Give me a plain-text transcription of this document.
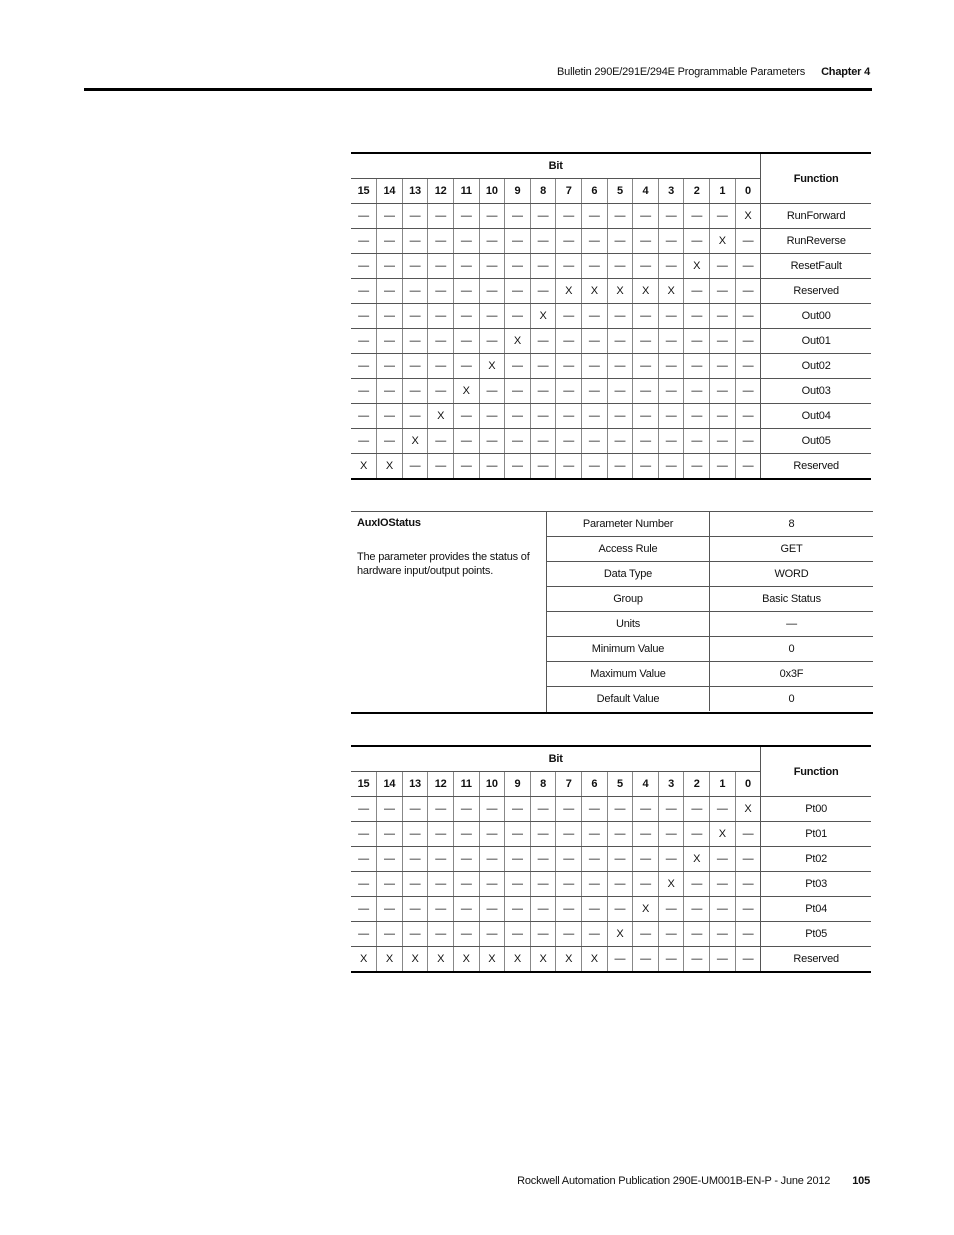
Bulletin 290E/291E/294E Programmable Parameters Chapter 4
Bit																Function
15	14	13	12	11	10	9	8	7	6	5	4	3	2	1	0	
—	—	—	—	—	—	—	—	—	—	—	—	—	—	—	X	RunForward
—	—	—	—	—	—	—	—	—	—	—	—	—	—	X	—	RunReverse
—	—	—	—	—	—	—	—	—	—	—	—	—	X	—	—	ResetFault
—	—	—	—	—	—	—	—	X	X	X	X	X	—	—	—	Reserved
—	—	—	—	—	—	—	X	—	—	—	—	—	—	—	—	Out00
—	—	—	—	—	—	X	—	—	—	—	—	—	—	—	—	Out01
—	—	—	—	—	X	—	—	—	—	—	—	—	—	—	—	Out02
—	—	—	—	X	—	—	—	—	—	—	—	—	—	—	—	Out03
—	—	—	X	—	—	—	—	—	—	—	—	—	—	—	—	Out04
—	—	X	—	—	—	—	—	—	—	—	—	—	—	—	—	Out05
X	X	—	—	—	—	—	—	—	—	—	—	—	—	—	—	Reserved
AuxIOStatus
The parameter provides the status of hardware input/output points.
Parameter Number	8
Access Rule	GET
Data Type	WORD
Group	Basic Status
Units	—
Minimum Value	0
Maximum Value	0x3F
Default Value	0
Bit																Function
15	14	13	12	11	10	9	8	7	6	5	4	3	2	1	0	
—	—	—	—	—	—	—	—	—	—	—	—	—	—	—	X	Pt00
—	—	—	—	—	—	—	—	—	—	—	—	—	—	X	—	Pt01
—	—	—	—	—	—	—	—	—	—	—	—	—	X	—	—	Pt02
—	—	—	—	—	—	—	—	—	—	—	—	X	—	—	—	Pt03
—	—	—	—	—	—	—	—	—	—	—	X	—	—	—	—	Pt04
—	—	—	—	—	—	—	—	—	—	X	—	—	—	—	—	Pt05
X	X	X	X	X	X	X	X	X	X	—	—	—	—	—	—	Reserved
Rockwell Automation Publication 290E-UM001B-EN-P - June 2012 105
